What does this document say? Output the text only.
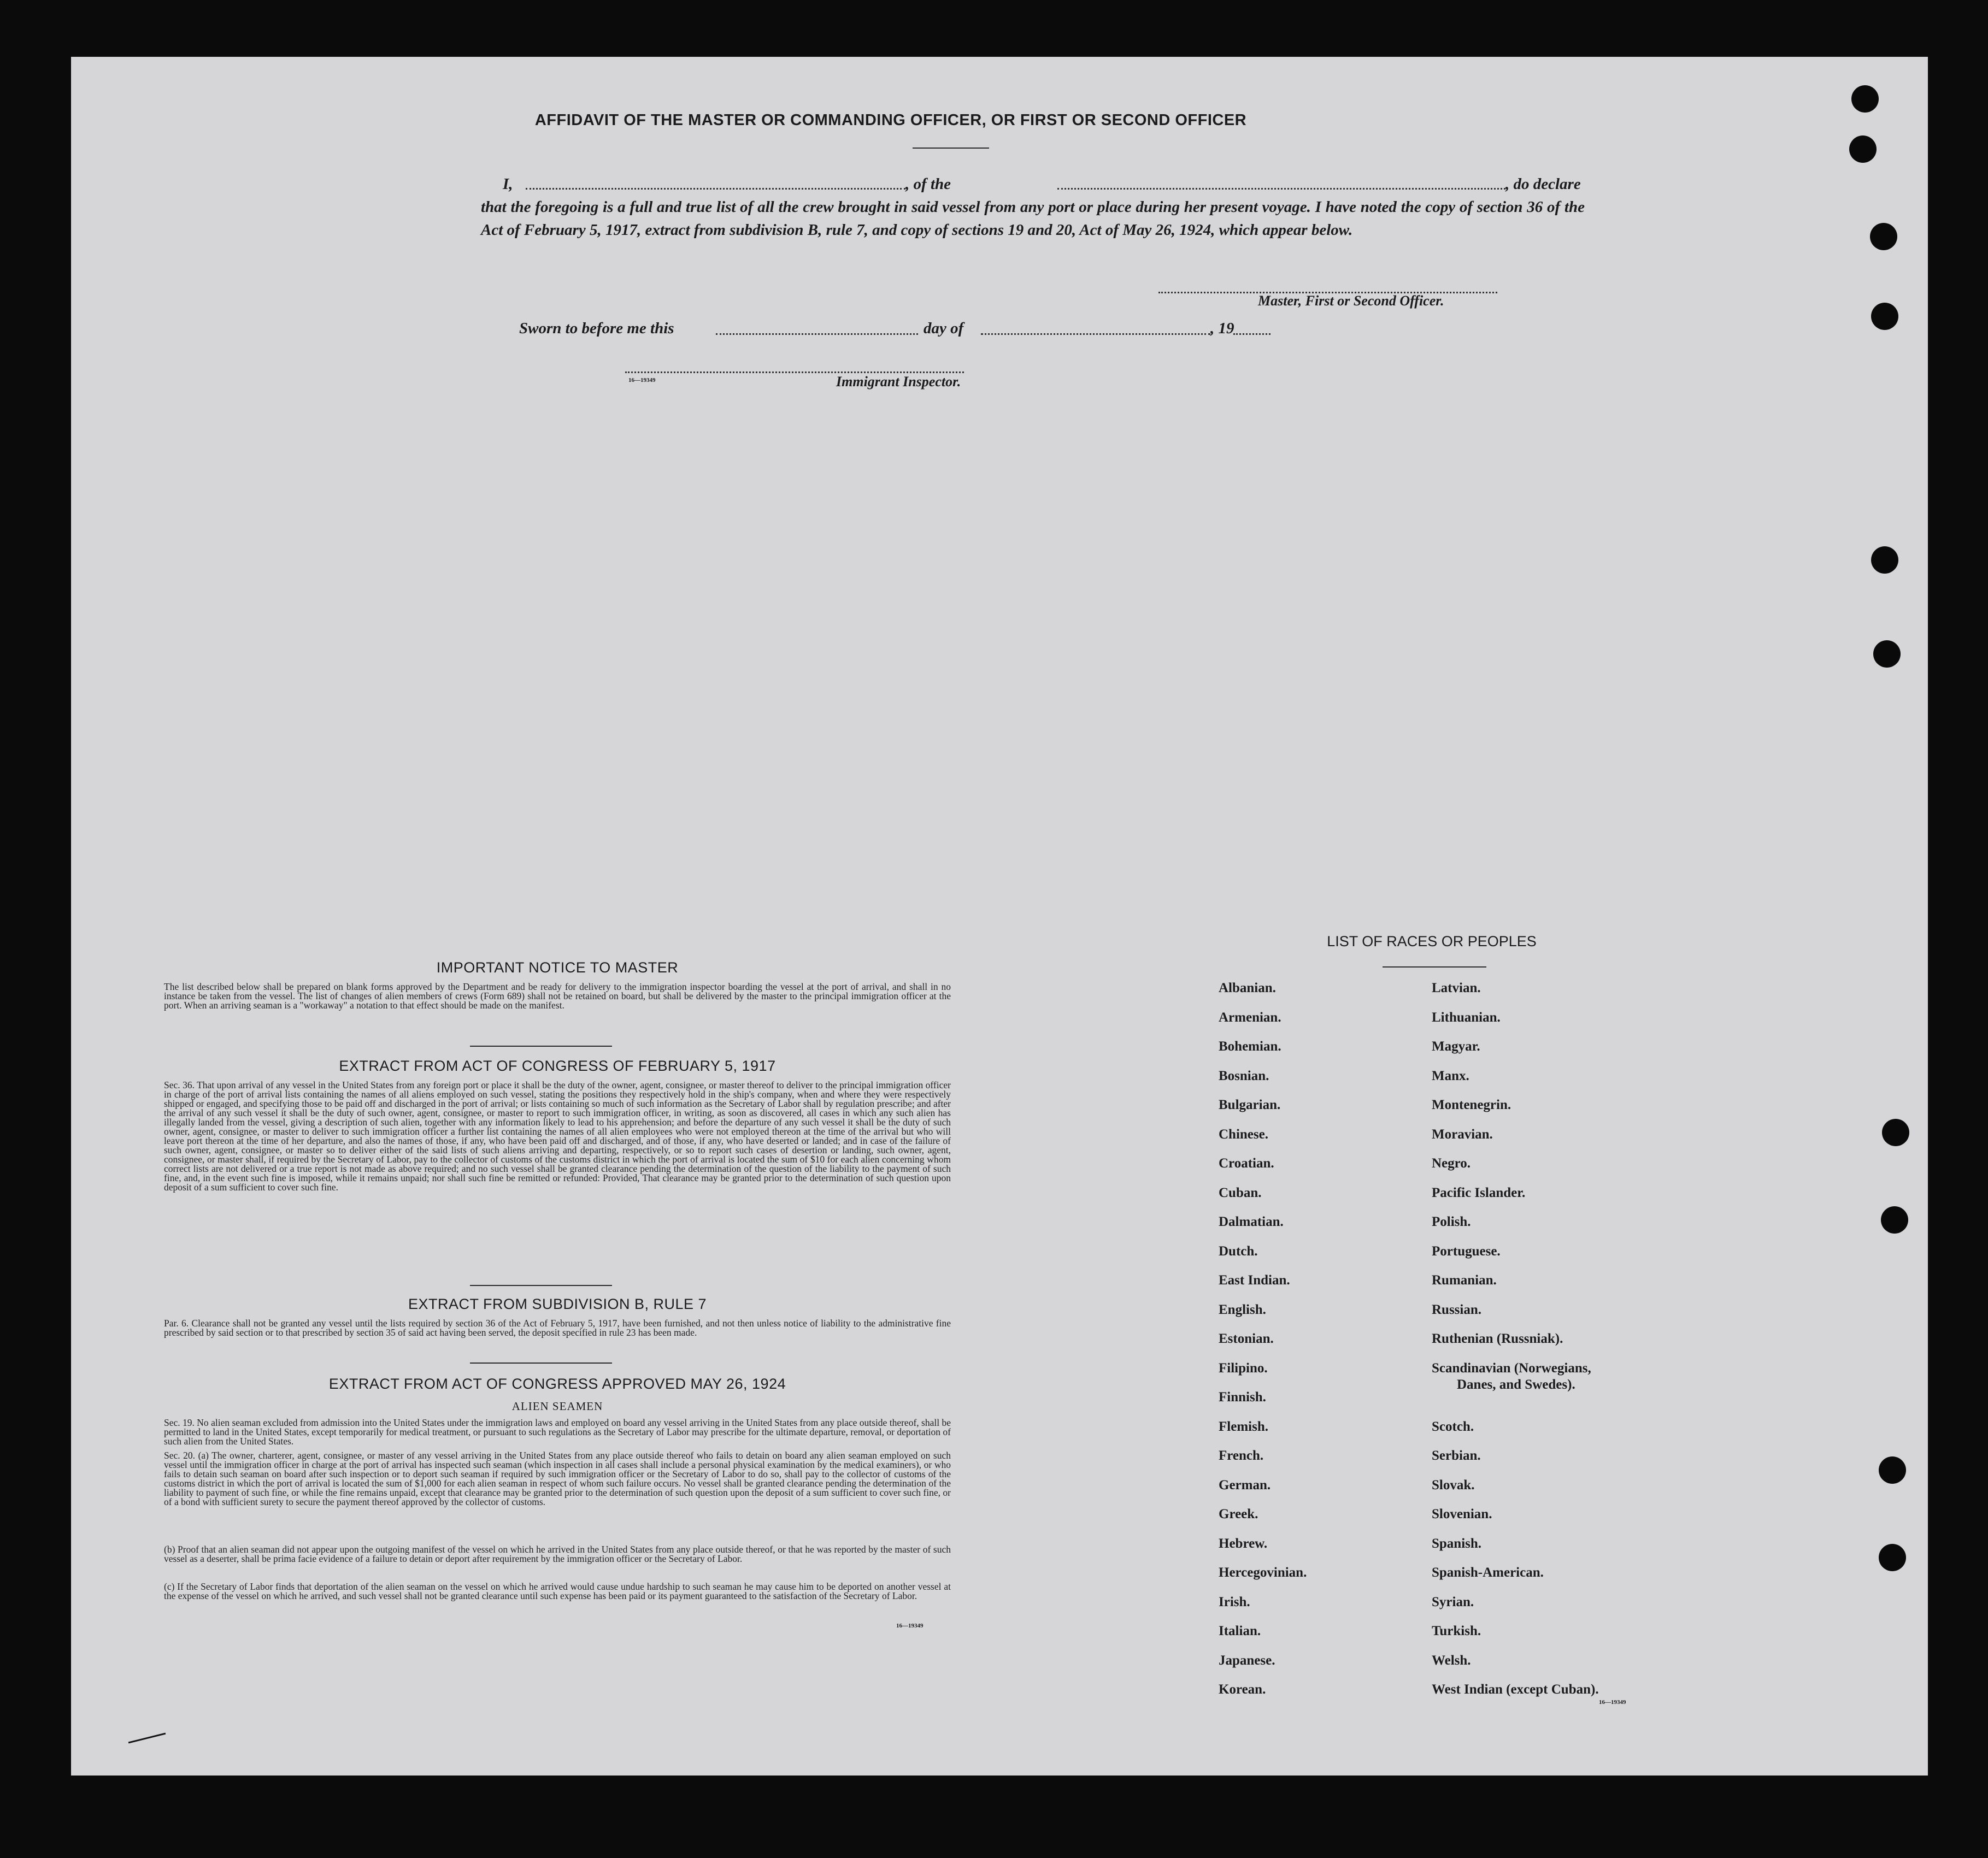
AFFIDAVIT OF THE MASTER OR COMMANDING OFFICER, OR FIRST OR SECOND OFFICER
I,	, of the	, do declare
that the foregoing is a full and true list of all the crew brought in said vessel from any port or place during her present voyage. I have noted the copy of section 36 of the Act of February 5, 1917, extract from subdivision B, rule 7, and copy of sections 19 and 20, Act of May 26, 1924, which appear below.
Master, First or Second Officer.
Sworn to before me this	day of	, 19
16—19349	Immigrant Inspector.
IMPORTANT NOTICE TO MASTER

The list described below shall be prepared on blank forms approved by the Department and be ready for delivery to the immigration inspector boarding the vessel at the port of arrival, and shall in no instance be taken from the vessel. The list of changes of alien members of crews (Form 689) shall not be retained on board, but shall be delivered by the master to the principal immigration officer at the port. When an arriving seaman is a "workaway" a notation to that effect should be made on the manifest.

EXTRACT FROM ACT OF CONGRESS OF FEBRUARY 5, 1917

Sec. 36. That upon arrival of any vessel in the United States from any foreign port or place it shall be the duty of the owner, agent, consignee, or master thereof to deliver to the principal immigration officer in charge of the port of arrival lists containing the names of all aliens employed on such vessel, stating the positions they respectively hold in the ship's company, when and where they were respectively shipped or engaged, and specifying those to be paid off and discharged in the port of arrival; or lists containing so much of such information as the Secretary of Labor shall by regulation prescribe; and after the arrival of any such vessel it shall be the duty of such owner, agent, consignee, or master to report to such immigration officer, in writing, as soon as discovered, all cases in which any such alien has illegally landed from the vessel, giving a description of such alien, together with any information likely to lead to his apprehension; and before the departure of any such vessel it shall be the duty of such owner, agent, consignee, or master to deliver to such immigration officer a further list containing the names of all alien employees who were not employed thereon at the time of the arrival but who will leave port thereon at the time of her departure, and also the names of those, if any, who have been paid off and discharged, and of those, if any, who have deserted or landed; and in case of the failure of such owner, agent, consignee, or master so to deliver either of the said lists of such aliens arriving and departing, respectively, or so to report such cases of desertion or landing, such owner, agent, consignee, or master shall, if required by the Secretary of Labor, pay to the collector of customs of the customs district in which the port of arrival is located the sum of $10 for each alien concerning whom correct lists are not delivered or a true report is not made as above required; and no such vessel shall be granted clearance pending the determination of the question of the liability to the payment of such fine, and, in the event such fine is imposed, while it remains unpaid; nor shall such fine be remitted or refunded: Provided, That clearance may be granted prior to the determination of such question upon deposit of a sum sufficient to cover such fine.

EXTRACT FROM SUBDIVISION B, RULE 7

Par. 6. Clearance shall not be granted any vessel until the lists required by section 36 of the Act of February 5, 1917, have been furnished, and not then unless notice of liability to the administrative fine prescribed by said section or to that prescribed by section 35 of said act having been served, the deposit specified in rule 23 has been made.

EXTRACT FROM ACT OF CONGRESS APPROVED MAY 26, 1924
ALIEN SEAMEN

Sec. 19. No alien seaman excluded from admission into the United States under the immigration laws and employed on board any vessel arriving in the United States from any place outside thereof, shall be permitted to land in the United States, except temporarily for medical treatment, or pursuant to such regulations as the Secretary of Labor may prescribe for the ultimate departure, removal, or deportation of such alien from the United States.

Sec. 20. (a) The owner, charterer, agent, consignee, or master of any vessel arriving in the United States from any place outside thereof who fails to detain on board any alien seaman employed on such vessel until the immigration officer in charge at the port of arrival has inspected such seaman (which inspection in all cases shall include a personal physical examination by the medical examiners), or who fails to detain such seaman on board after such inspection or to deport such seaman if required by such immigration officer or the Secretary of Labor to do so, shall pay to the collector of customs of the customs district in which the port of arrival is located the sum of $1,000 for each alien seaman in respect of whom such failure occurs. No vessel shall be granted clearance pending the determination of the liability to payment of such fine, or while the fine remains unpaid, except that clearance may be granted prior to the determination of such question upon the deposit of a sum sufficient to cover such fine, or of a bond with sufficient surety to secure the payment thereof approved by the collector of customs.

(b) Proof that an alien seaman did not appear upon the outgoing manifest of the vessel on which he arrived in the United States from any place outside thereof, or that he was reported by the master of such vessel as a deserter, shall be prima facie evidence of a failure to detain or deport after requirement by the immigration officer or the Secretary of Labor.

(c) If the Secretary of Labor finds that deportation of the alien seaman on the vessel on which he arrived would cause undue hardship to such seaman he may cause him to be deported on another vessel at the expense of the vessel on which he arrived, and such vessel shall not be granted clearance until such expense has been paid or its payment guaranteed to the satisfaction of the Secretary of Labor.

16—19349
LIST OF RACES OR PEOPLES
Albanian.
Armenian.
Bohemian.
Bosnian.
Bulgarian.
Chinese.
Croatian.
Cuban.
Dalmatian.
Dutch.
East Indian.
English.
Estonian.
Filipino.
Finnish.
Flemish.
French.
German.
Greek.
Hebrew.
Hercegovinian.
Irish.
Italian.
Japanese.
Korean.
Latvian.
Lithuanian.
Magyar.
Manx.
Montenegrin.
Moravian.
Negro.
Pacific Islander.
Polish.
Portuguese.
Rumanian.
Russian.
Ruthenian (Russniak).
Scandinavian (Norwegians,
Danes, and Swedes).
Scotch.
Serbian.
Slovak.
Slovenian.
Spanish.
Spanish-American.
Syrian.
Turkish.
Welsh.
West Indian (except Cuban).
16—19349
